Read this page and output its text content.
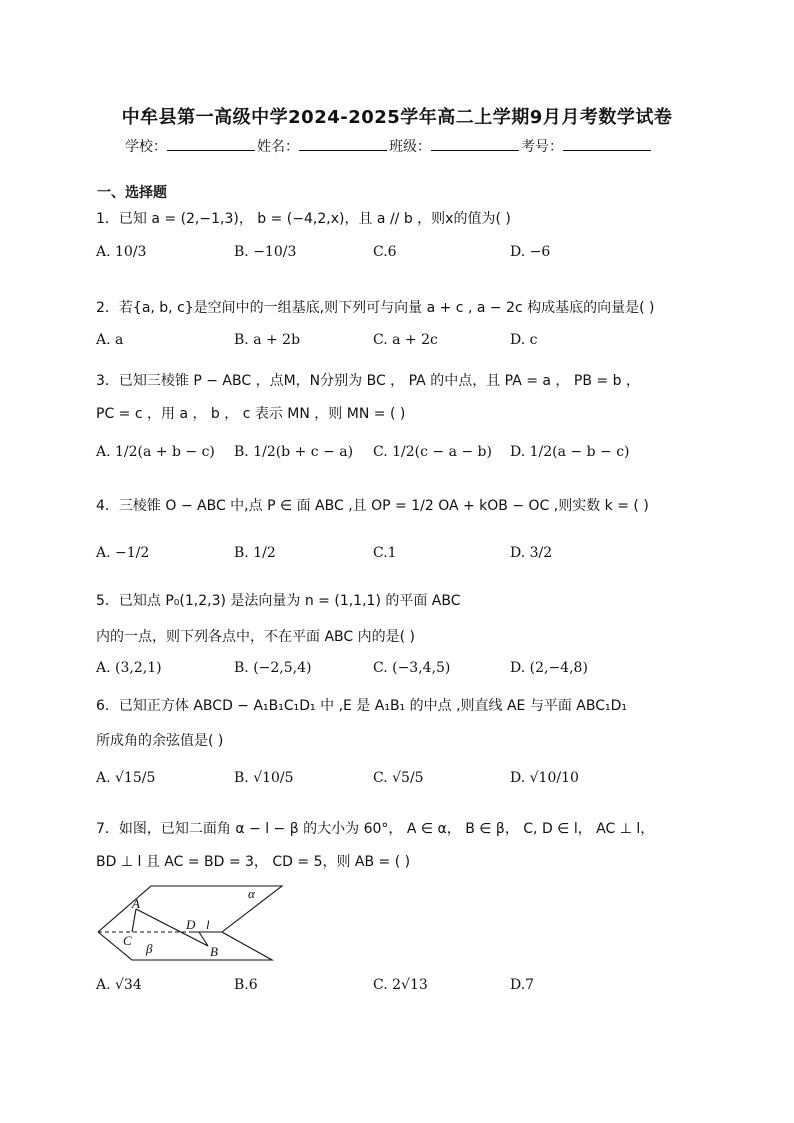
中牟县第一高级中学2024-2025学年高二上学期9月月考数学试卷
学校：	姓名：	班级：	考号：
一、选择题
1．已知 a = (2,−1,3)， b = (−4,2,x)，且 a // b ，则x的值为( )
A. 10/3	B. −10/3	C.6	D. −6
2．若{a, b, c}是空间中的一组基底,则下列可与向量 a + c , a − 2c 构成基底的向量是( )
A. a	B. a + 2b	C. a + 2c	D. c
3．已知三棱锥 P − ABC ，点M，N分别为 BC ， PA 的中点，且 PA = a ， PB = b ，
PC = c ，用 a ， b ， c 表示 MN ，则 MN = ( )
A. 1/2(a + b − c) B. 1/2(b + c − a) C. 1/2(c − a − b) D. 1/2(a − b − c)
4．三棱锥 O − ABC 中,点 P ∈ 面 ABC ,且 OP = 1/2 OA + kOB − OC ,则实数 k = ( )
A. −1/2	B. 1/2	C.1	D. 3/2
5．已知点 P₀(1,2,3) 是法向量为 n = (1,1,1) 的平面 ABC
内的一点，则下列各点中，不在平面 ABC 内的是( )
A. (3,2,1)	B. (−2,5,4)	C. (−3,4,5)	D. (2,−4,8)
6．已知正方体 ABCD − A₁B₁C₁D₁ 中 ,E 是 A₁B₁ 的中点 ,则直线 AE 与平面 ABC₁D₁
所成角的余弦值是( )
A. √15/5	B. √10/5	C. √5/5	D. √10/10
7．如图，已知二面角 α − l − β 的大小为 60°， A ∈ α， B ∈ β， C, D ∈ l， AC ⊥ l，
BD ⊥ l 且 AC = BD = 3， CD = 5，则 AB = ( )
α
A
D l
C
β	B
A. √34	B.6	C. 2√13	D.7
